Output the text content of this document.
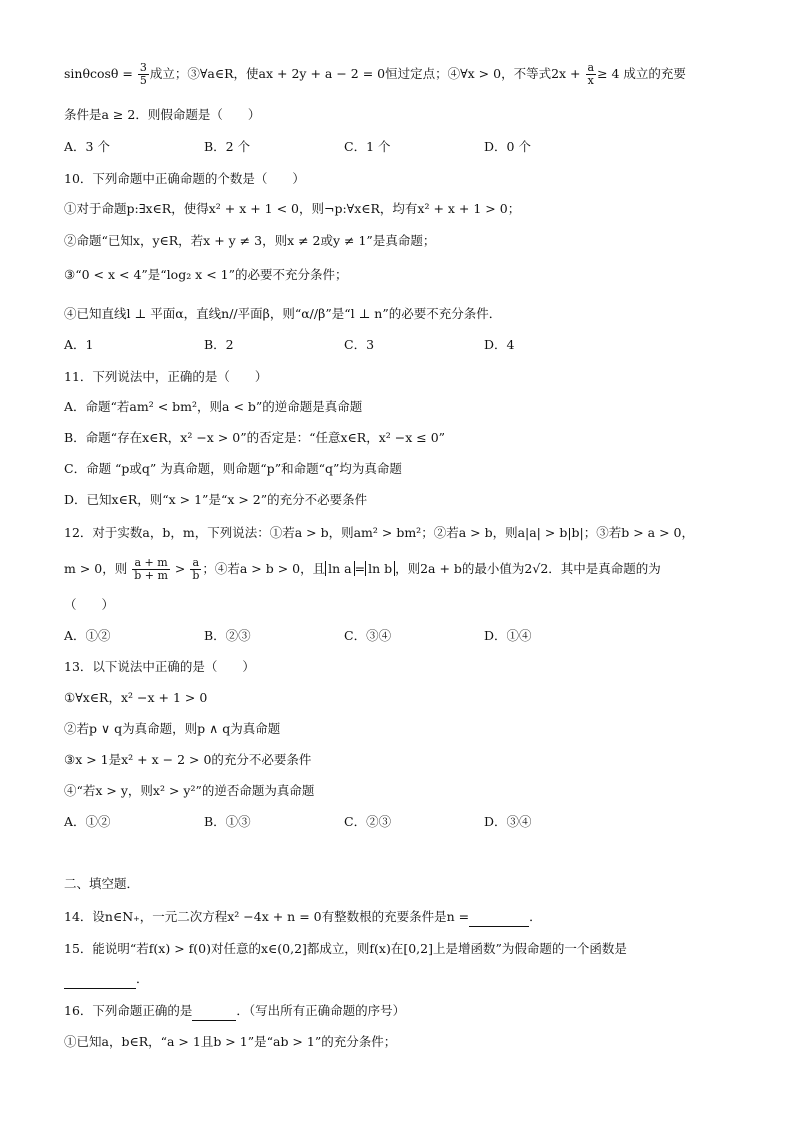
$\sin\theta\cos\theta = \frac{3}{5}$ 成立；③∀a∈R，使ax + 2y + a − 2 = 0恒过定点；④∀x > 0，不等式$2x + \frac{a}{x} \ge 4$ 成立的充要
条件是a ≥ 2．则假命题是（　　）
A．3 个	B．2 个	C．1 个	D．0 个
10．下列命题中正确命题的个数是（　　）
①对于命题p:∃x∈R，使得x² + x + 1 < 0，则¬p:∀x∈R，均有x² + x + 1 > 0；
②命题“已知x，y∈R，若x + y ≠ 3，则x ≠ 2或y ≠ 1”是真命题；
③“0 < x < 4”是“log₂ x < 1”的必要不充分条件；
④已知直线l ⊥ 平面α，直线n//平面β，则“α//β”是“l ⊥ n”的必要不充分条件．
A．1	B．2	C．3	D．4
11．下列说法中，正确的是（　　）
A．命题“若am² < bm²，则a < b”的逆命题是真命题
B．命题“存在x∈R，x² −x > 0”的否定是：“任意x∈R，x² −x ≤ 0”
C．命题 “p或q” 为真命题，则命题“p”和命题“q”均为真命题
D．已知x∈R，则“x > 1”是“x > 2”的充分不必要条件
12．对于实数a，b，m，下列说法：①若a > b，则am² > bm²；②若a > b，则a|a| > b|b|；③若b > a > 0，
m > 0，则 $\frac{a + m}{b + m} > \frac{a}{b}$ ；④若a > b > 0，且 ln a = ln b ，则2a + b的最小值为2√2．其中是真命题的为
（　　）
A．①②	B．②③	C．③④	D．①④
13．以下说法中正确的是（　　）
①∀x∈R，x² −x + 1 > 0
②若p ∨ q为真命题，则p ∧ q为真命题
③x > 1是x² + x − 2 > 0的充分不必要条件
④“若x > y，则x² > y²”的逆否命题为真命题
A．①②	B．①③	C．②③	D．③④
二、填空题．
14．设n∈N₊，一元二次方程x² −4x + n = 0有整数根的充要条件是n =	．
15．能说明“若f(x) > f(0)对任意的x∈(0,2]都成立，则f(x)在[0,2]上是增函数”为假命题的一个函数是
．
16．下列命题正确的是	．（写出所有正确命题的序号）
①已知a，b∈R，“a > 1且b > 1”是“ab > 1”的充分条件；
